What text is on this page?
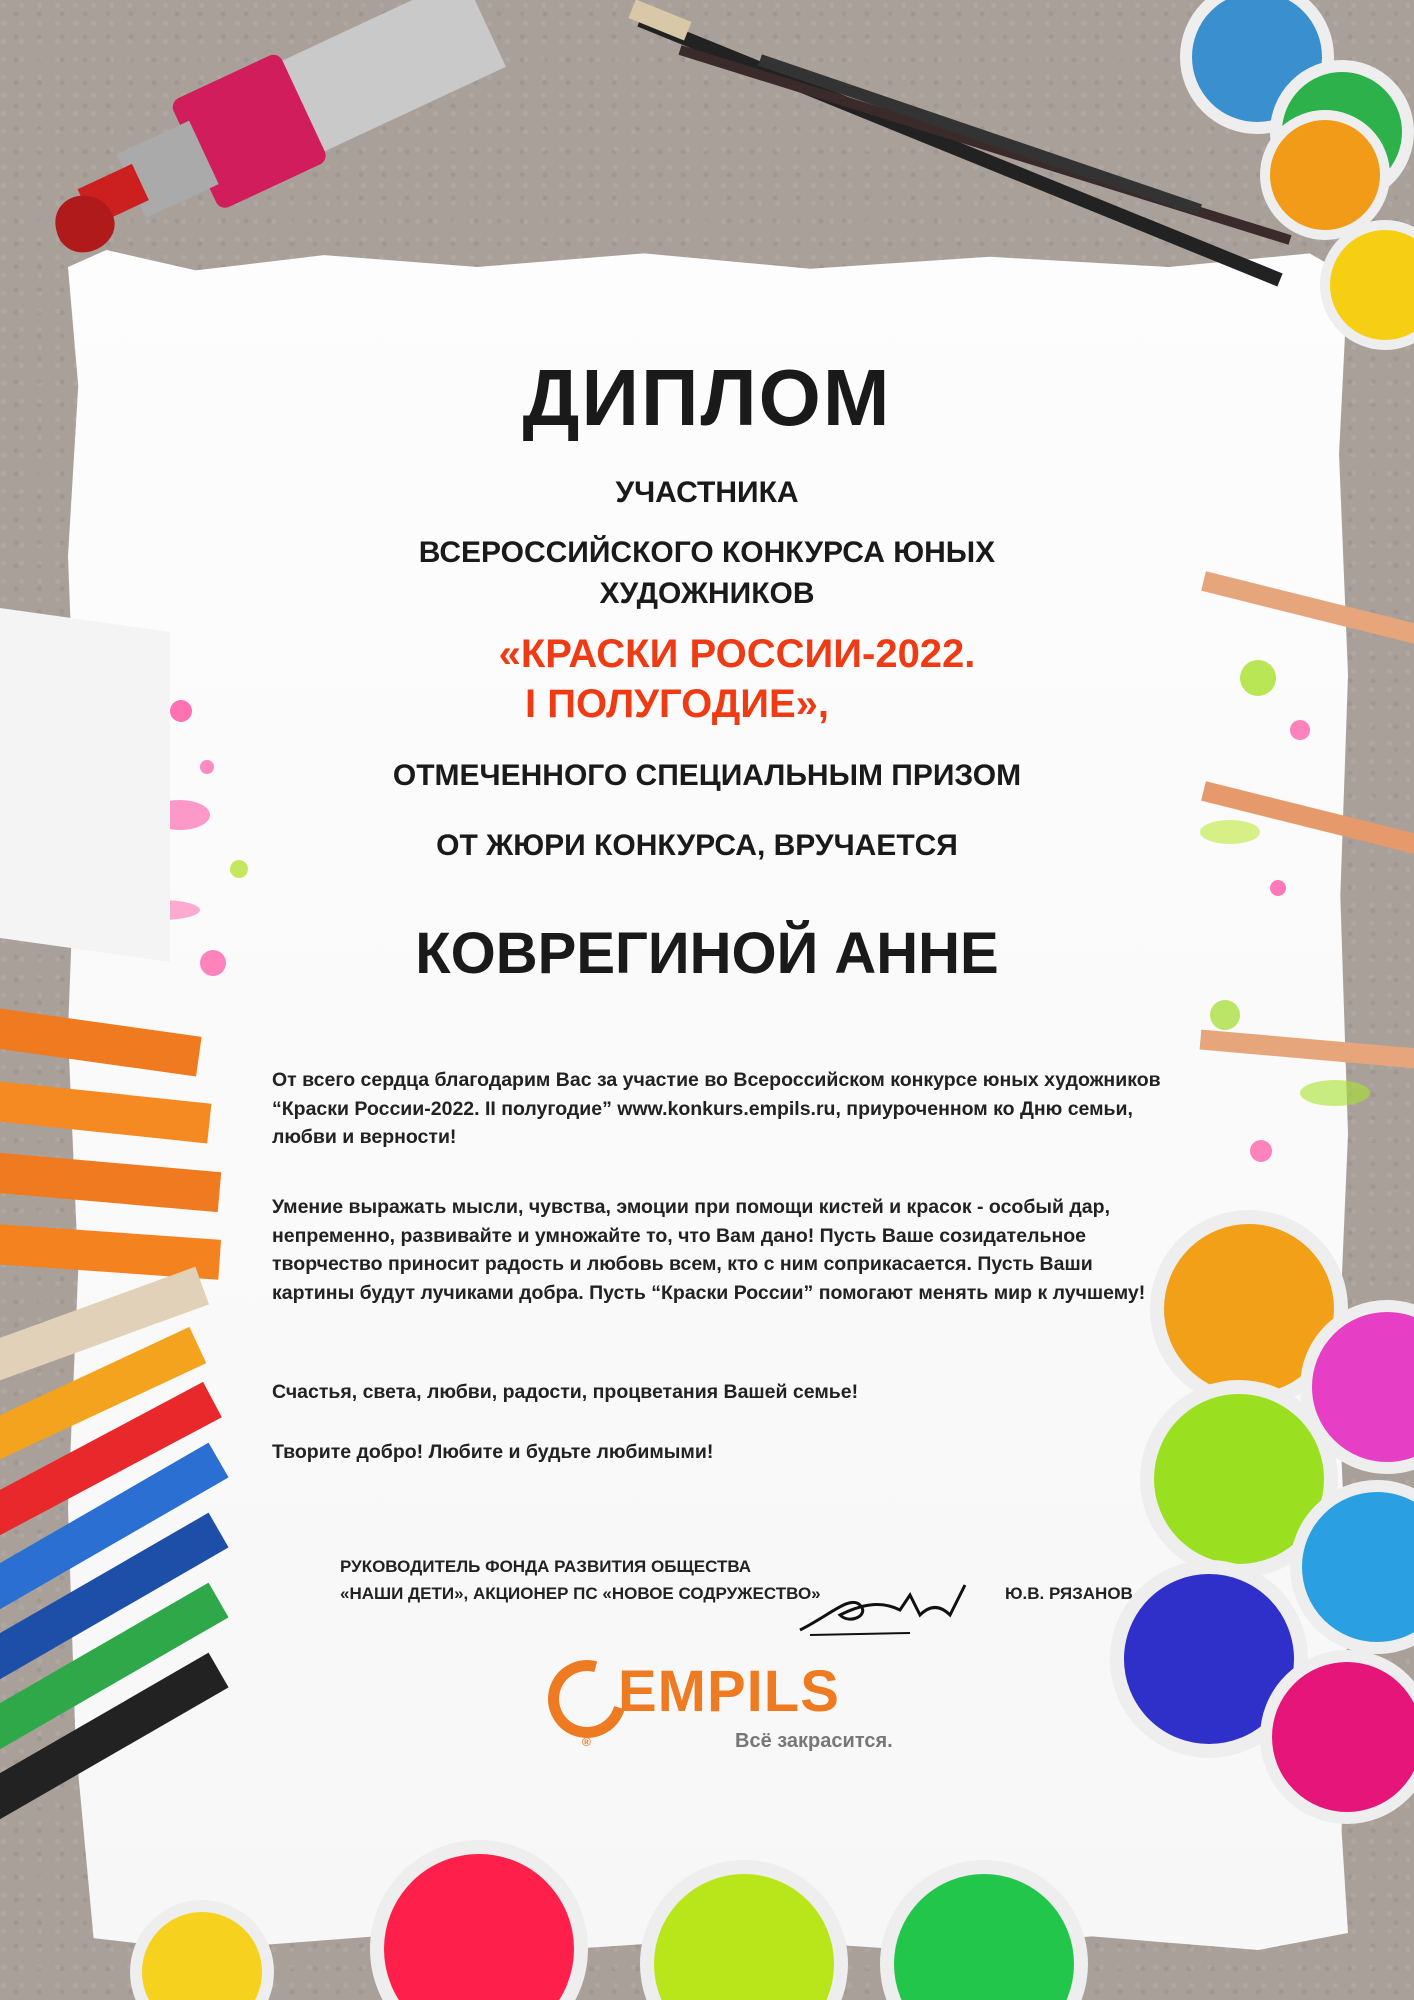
ДИПЛОМ
УЧАСТНИКА
ВСЕРОССИЙСКОГО КОНКУРСА ЮНЫХ
ХУДОЖНИКОВ
«КРАСКИ РОССИИ-2022.
I ПОЛУГОДИЕ»,
ОТМЕЧЕННОГО СПЕЦИАЛЬНЫМ ПРИЗОМ
ОТ ЖЮРИ КОНКУРСА, ВРУЧАЕТСЯ
КОВРЕГИНОЙ АННЕ
От всего сердца благодарим Вас за участие во Всероссийском конкурсе юных художников “Краски России-2022. II полугодие” www.konkurs.empils.ru, приуроченном ко Дню семьи, любви и верности!
Умение выражать мысли, чувства, эмоции при помощи кистей и красок - особый дар, непременно, развивайте и умножайте то, что Вам дано! Пусть Ваше созидательное творчество приносит радость и любовь всем, кто с ним соприкасается. Пусть Ваши картины будут лучиками добра. Пусть “Краски России” помогают менять мир к лучшему!
Счастья, света, любви, радости, процветания Вашей семье!
Творите добро! Любите и будьте любимыми!
РУКОВОДИТЕЛЬ ФОНДА РАЗВИТИЯ ОБЩЕСТВА
«НАШИ ДЕТИ», АКЦИОНЕР ПС «НОВОЕ СОДРУЖЕСТВО»	Ю.В. РЯЗАНОВ
EMPILS
®	Всё закрасится.
